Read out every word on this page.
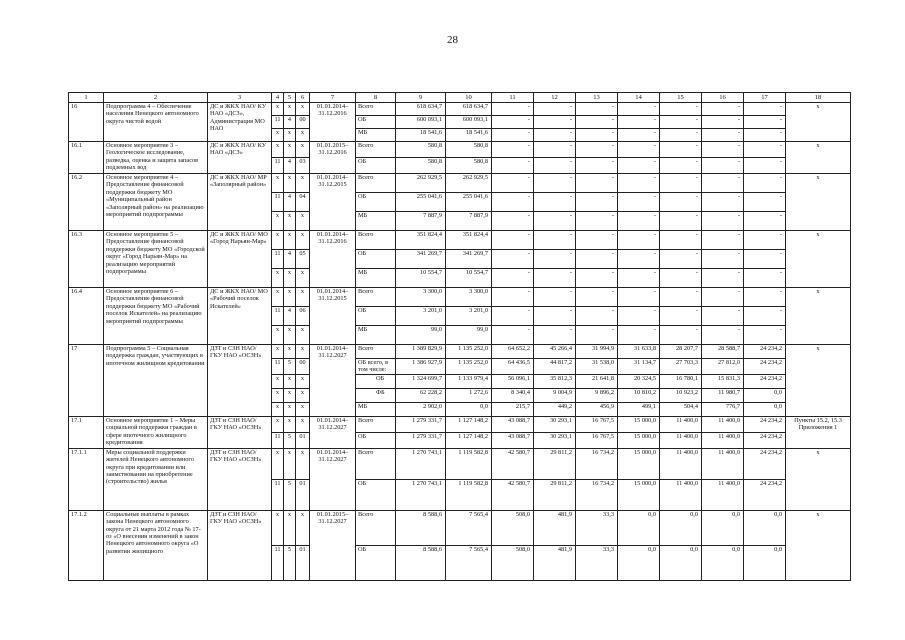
28
1	2	3	4	5	6	7	8	9	10	11	12	13	14	15	16	17	18
16	Подпрограмма 4 – Обеспечение населения Ненецкого автономного округа чистой водой	ДС и ЖКХ НАО/ КУ НАО «ДСЗ», Администрация МО НАО	x	x	x	01.01.2014– 31.12.2016	Всего	618 634,7	618 634,7	-	-	-	-	-	-	-	x
			11	4	00		ОБ	600 093,1	600 093,1	-	-	-	-	-	-	-	
			x	x	x		МБ	18 541,6	18 541,6	-	-	-	-	-	-	-	
16.1	Основное мероприятие 3 – Геологическое исследование, разведка, оценка и защита запасов подземных вод	ДС и ЖКХ НАО/ КУ НАО «ДСЗ»	x	x	x	01.01.2015– 31.12.2016	Всего	580,8	580,8	-	-	-	-	-	-	-	x
			11	4	03		ОБ	580,8	580,8	-	-	-	-	-	-	-	
16.2	Основное мероприятие 4 – Предоставление финансовой поддержки бюджету МО «Муниципальный район «Заполярный район» на реализацию мероприятий подпрограммы	ДС и ЖКХ НАО/ МР «Заполярный район»	x	x	x	01.01.2014– 31.12.2015	Всего	262 929,5	262 929,5	-	-	-	-	-	-	-	x
			11	4	04		ОБ	255 041,6	255 041,6	-	-	-	-	-	-	-	
			x	x	x		МБ	7 887,9	7 887,9	-	-	-	-	-	-	-	
16.3	Основное мероприятие 5 – Предоставление финансовой поддержки бюджету МО «Городской округ «Город Нарьян-Мар» на реализацию мероприятий подпрограммы	ДС и ЖКХ НАО/ МО «Город Нарьян-Мар»	x	x	x	01.01.2014– 31.12.2016	Всего	351 824,4	351 824,4	-	-	-	-	-	-	-	x
			11	4	05		ОБ	341 269,7	341 269,7	-	-	-	-	-	-	-	
			x	x	x		МБ	10 554,7	10 554,7	-	-	-	-	-	-	-	
16.4	Основное мероприятие 6 – Предоставление финансовой поддержки бюджету МО «Рабочий поселок Искателей» на реализацию мероприятий подпрограммы	ДС и ЖКХ НАО/ МО «Рабочий поселок Искателей»	x	x	x	01.01.2014– 31.12.2015	Всего	3 300,0	3 300,0	-	-	-	-	-	-	-	x
			11	4	06		ОБ	3 201,0	3 201,0	-	-	-	-	-	-	-	
			x	x	x		МБ	99,0	99,0	-	-	-	-	-	-	-	
17	Подпрограмма 5 – Социальная поддержка граждан, участвующих в ипотечном жилищном кредитовании	ДЗТ и СЗН НАО/ ГКУ НАО «ОСЗН»	x	x	x	01.01.2014– 31.12.2027	Всего	1 389 829,9	1 135 252,0	64 652,2	45 266,4	31 994,9	31 633,8	28 207,7	28 588,7	24 234,2	x
			11	5	00		ОБ всего, в том числе:	1 386 927,9	1 135 252,0	64 436,5	44 817,2	31 538,0	31 134,7	27 703,3	27 812,0	24 234,2	
			x	x	x		ОБ	1 324 699,7	1 133 979,4	56 096,1	35 812,3	21 641,8	20 324,5	16 780,1	15 831,3	24 234,2	
			x	x	x		ФБ	62 228,2	1 272,6	8 340,4	9 004,9	9 896,2	10 810,2	10 923,2	11 980,7	0,0	
			x	x	x		МБ	2 902,0	0,0	215,7	449,2	456,9	499,1	504,4	776,7	0,0	
17.1	Основное мероприятие 1 – Меры социальной поддержки граждан в сфере ипотечного жилищного кредитования	ДЗТ и СЗН НАО/ ГКУ НАО «ОСЗН»	x	x	x	01.01.2014– 31.12.2027	Всего	1 279 331,7	1 127 148,2	43 088,7	30 293,1	16 767,5	15 000,0	11 400,0	11 400,0	24 234,2	Пункты 15.2, 15.3 Приложения 1
			11	5	01		ОБ	1 279 331,7	1 127 148,2	43 088,7	30 293,1	16 767,5	15 000,0	11 400,0	11 400,0	24 234,2	
17.1.1	Меры социальной поддержки жителей Ненецкого автономного округа при кредитовании или заимствовании на приобретение (строительство) жилья	ДЗТ и СЗН НАО/ ГКУ НАО «ОСЗН»	x	x	x	01.01.2014– 31.12.2027	Всего	1 270 743,1	1 119 582,8	42 580,7	29 811,2	16 734,2	15 000,0	11 400,0	11 400,0	24 234,2	x
			11	5	01		ОБ	1 270 743,1	1 119 582,8	42 580,7	29 811,2	16 734,2	15 000,0	11 400,0	11 400,0	24 234,2	
17.1.2	Социальные выплаты в рамках закона Ненецкого автономного округа от 21 марта 2012 года № 17-оз «О внесении изменений в закон Ненецкого автономного округа «О развитии жилищного	ДЗТ и СЗН НАО/ ГКУ НАО «ОСЗН»	x	x	x	01.01.2015– 31.12.2027	Всего	8 588,6	7 565,4	508,0	481,9	33,3	0,0	0,0	0,0	0,0	x
			11	5	01		ОБ	8 588,6	7 565,4	508,0	481,9	33,3	0,0	0,0	0,0	0,0	
